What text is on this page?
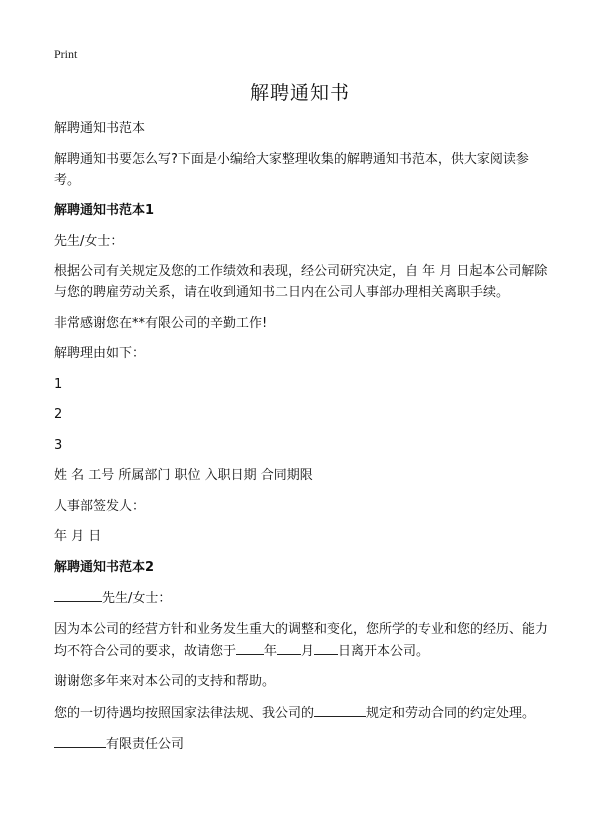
Print
解聘通知书

解聘通知书范本

解聘通知书要怎么写?下面是小编给大家整理收集的解聘通知书范本，供大家阅读参考。

解聘通知书范本1

先生/女士：

根据公司有关规定及您的工作绩效和表现，经公司研究决定，自 年 月 日起本公司解除与您的聘雇劳动关系，请在收到通知书二日内在公司人事部办理相关离职手续。

非常感谢您在**有限公司的辛勤工作!

解聘理由如下：

1

2

3

姓 名 工号 所属部门 职位 入职日期 合同期限

人事部签发人：

年 月 日

解聘通知书范本2

先生/女士：

因为本公司的经营方针和业务发生重大的调整和变化，您所学的专业和您的经历、能力均不符合公司的要求，故请您于 年 月 日离开本公司。

谢谢您多年来对本公司的支持和帮助。

您的一切待遇均按照国家法律法规、我公司的	规定和劳动合同的约定处理。

有限责任公司
